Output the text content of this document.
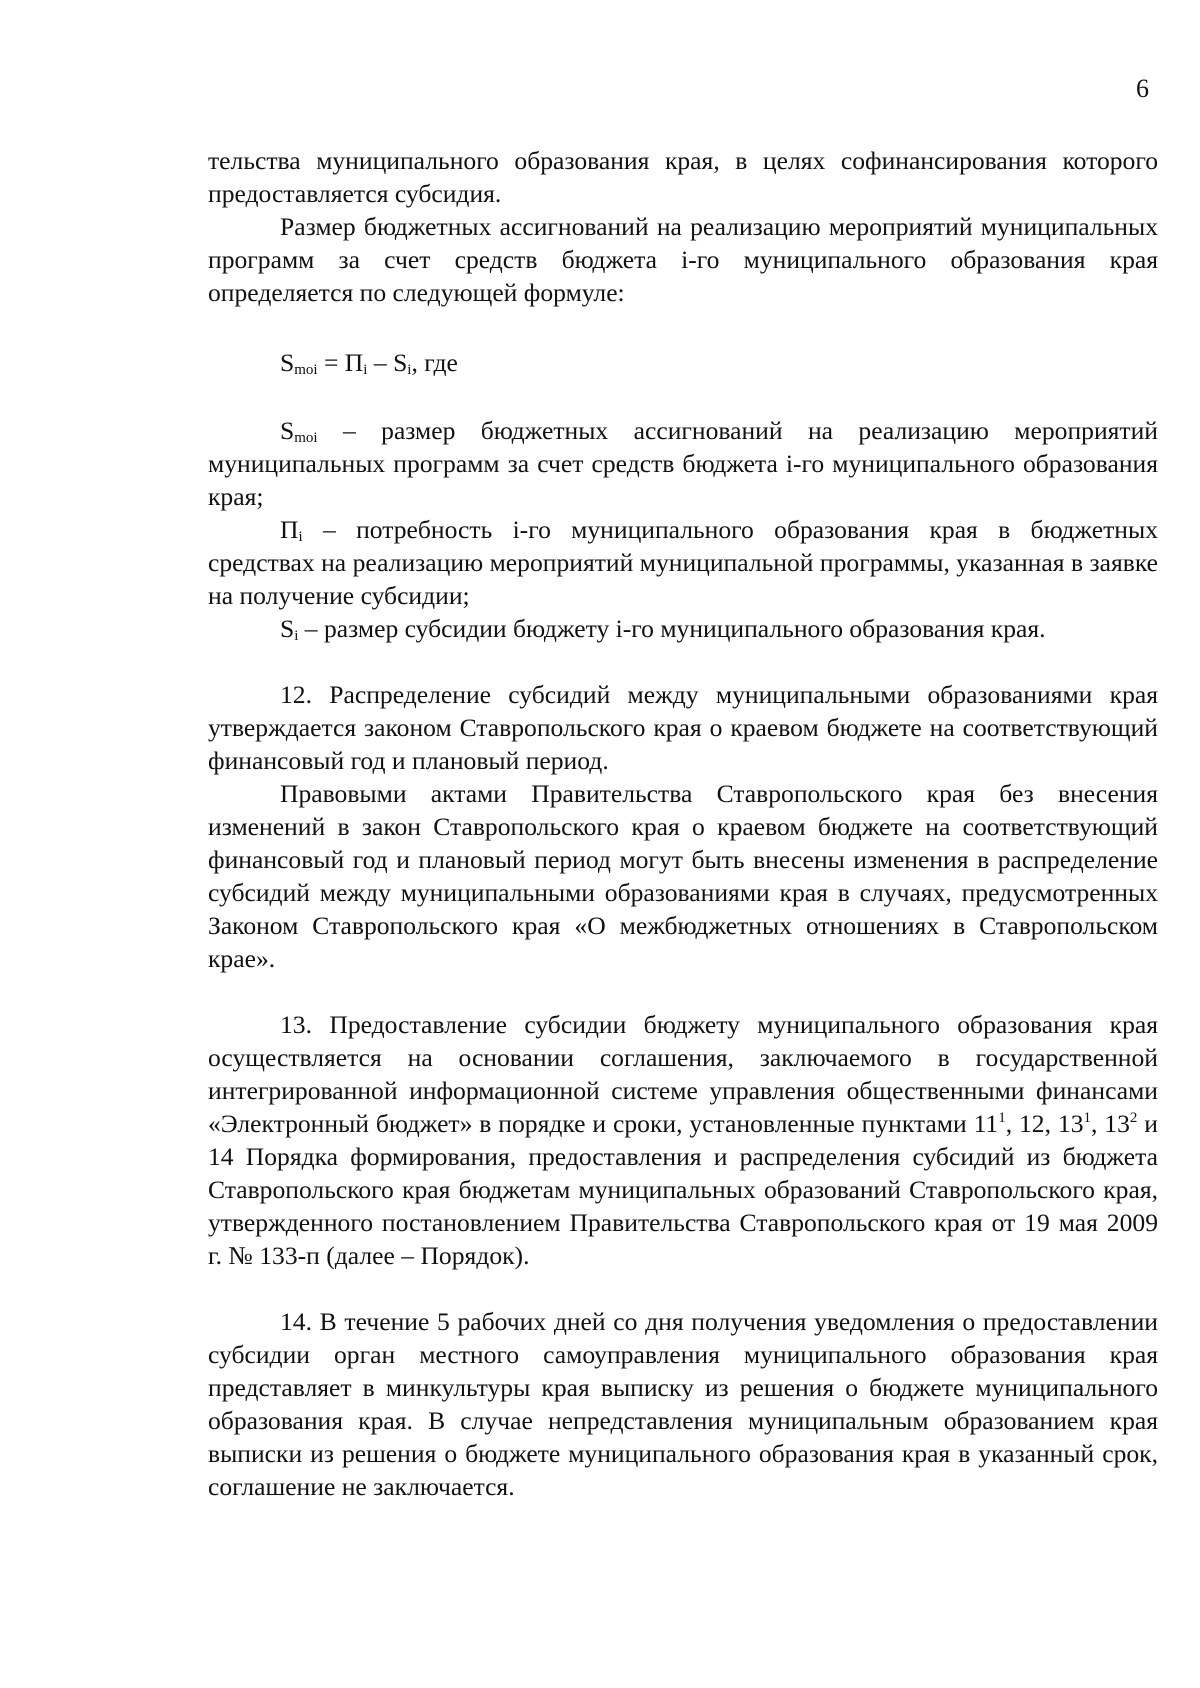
6

тельства муниципального образования края, в целях софинансирования которого предоставляется субсидия.

Размер бюджетных ассигнований на реализацию мероприятий муниципальных программ за счет средств бюджета i-го муниципального образования края определяется по следующей формуле:

$S_{moi} = П_i - S_i$, где

$S_{moi}$ – размер бюджетных ассигнований на реализацию мероприятий муниципальных программ за счет средств бюджета i-го муниципального образования края;

$П_i$ – потребность i-го муниципального образования края в бюджетных средствах на реализацию мероприятий муниципальной программы, указанная в заявке на получение субсидии;

$S_i$ – размер субсидии бюджету i-го муниципального образования края.

12. Распределение субсидий между муниципальными образованиями края утверждается законом Ставропольского края о краевом бюджете на соответствующий финансовый год и плановый период.

Правовыми актами Правительства Ставропольского края без внесения изменений в закон Ставропольского края о краевом бюджете на соответствующий финансовый год и плановый период могут быть внесены изменения в распределение субсидий между муниципальными образованиями края в случаях, предусмотренных Законом Ставропольского края «О межбюджетных отношениях в Ставропольском крае».

13. Предоставление субсидии бюджету муниципального образования края осуществляется на основании соглашения, заключаемого в государственной интегрированной информационной системе управления общественными финансами «Электронный бюджет» в порядке и сроки, установленные пунктами $11^1$, 12, $13^1$, $13^2$ и 14 Порядка формирования, предоставления и распределения субсидий из бюджета Ставропольского края бюджетам муниципальных образований Ставропольского края, утвержденного постановлением Правительства Ставропольского края от 19 мая 2009 г. № 133-п (далее – Порядок).

14. В течение 5 рабочих дней со дня получения уведомления о предоставлении субсидии орган местного самоуправления муниципального образования края представляет в минкультуры края выписку из решения о бюджете муниципального образования края. В случае непредставления муниципальным образованием края выписки из решения о бюджете муниципального образования края в указанный срок, соглашение не заключается.
